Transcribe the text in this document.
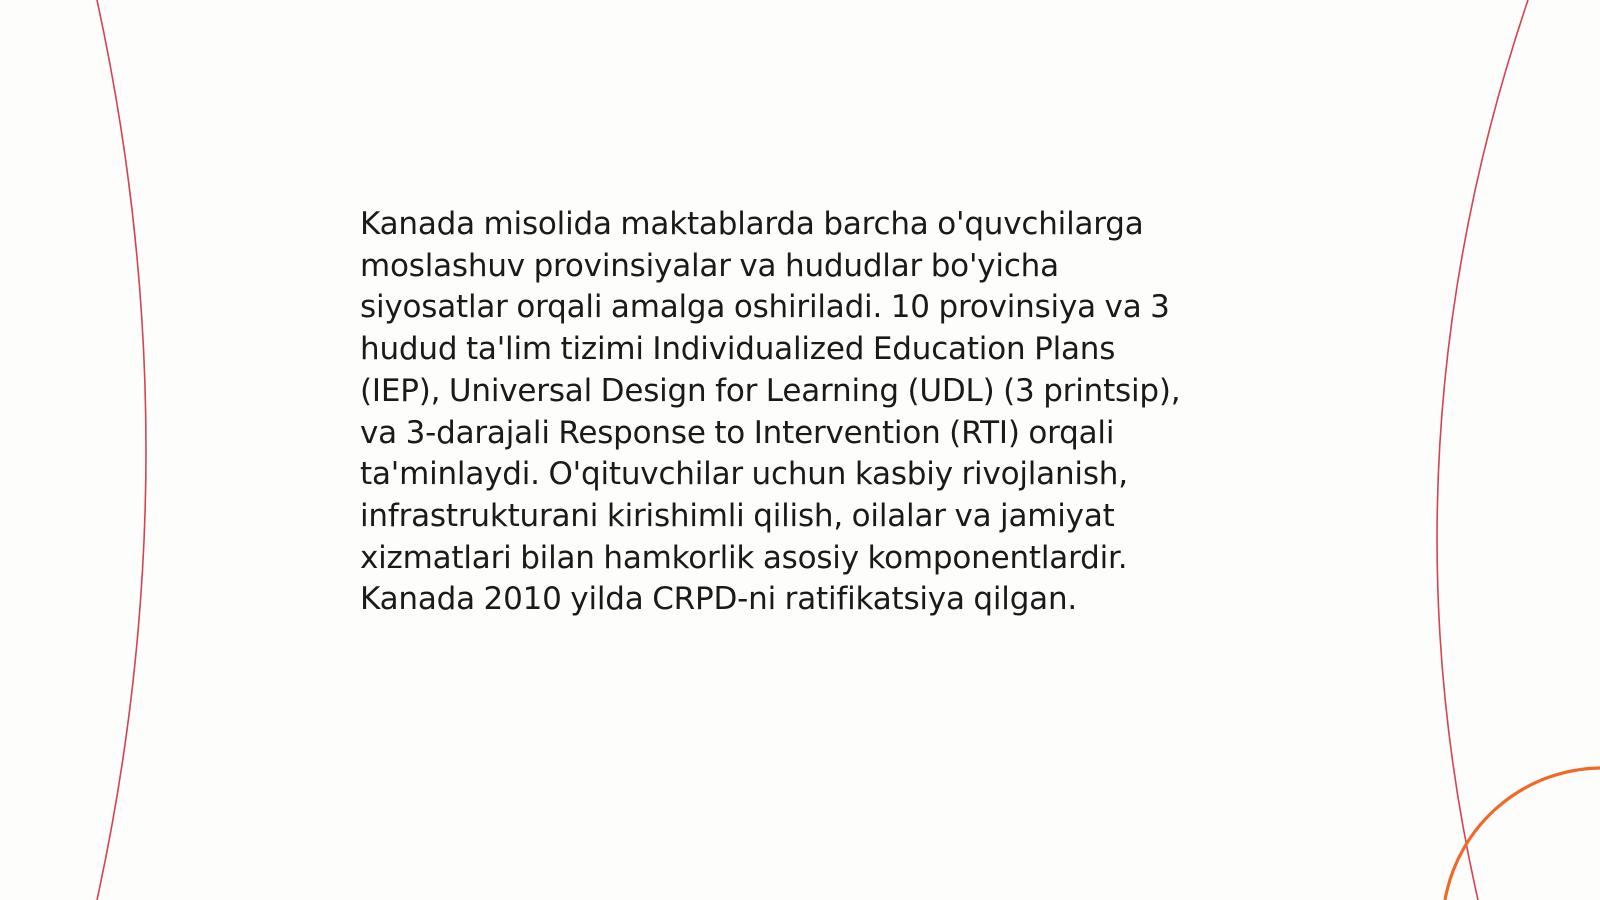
Kanada misolida maktablarda barcha o'quvchilarga
moslashuv provinsiyalar va hududlar bo'yicha
siyosatlar orqali amalga oshiriladi. 10 provinsiya va 3
hudud ta'lim tizimi Individualized Education Plans
(IEP), Universal Design for Learning (UDL) (3 printsip),
va 3-darajali Response to Intervention (RTI) orqali
ta'minlaydi. O'qituvchilar uchun kasbiy rivojlanish,
infrastrukturani kirishimli qilish, oilalar va jamiyat
xizmatlari bilan hamkorlik asosiy komponentlardir.
Kanada 2010 yilda CRPD-ni ratifikatsiya qilgan.
